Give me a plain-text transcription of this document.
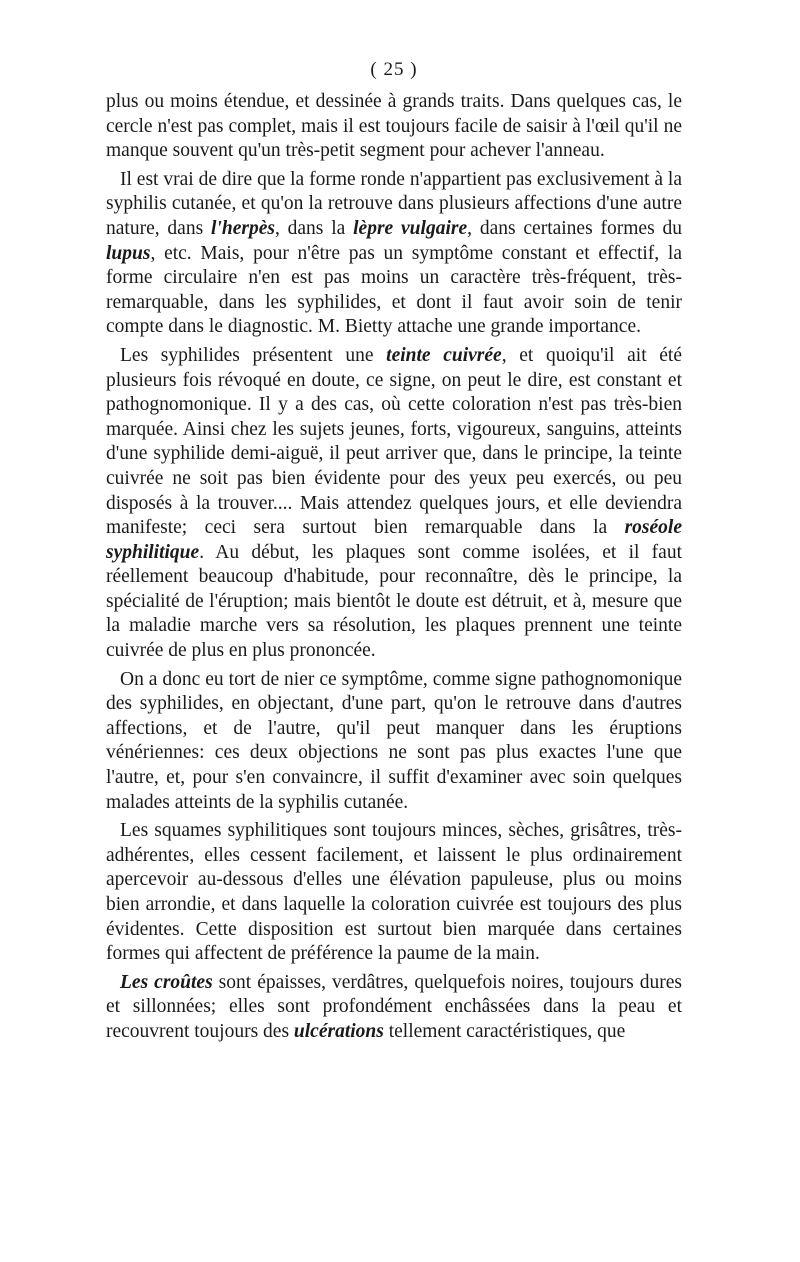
( 25 )

plus ou moins étendue, et dessinée à grands traits. Dans quelques cas, le cercle n'est pas complet, mais il est toujours facile de saisir à l'œil qu'il ne manque souvent qu'un très-petit segment pour achever l'anneau.

Il est vrai de dire que la forme ronde n'appartient pas exclusivement à la syphilis cutanée, et qu'on la retrouve dans plusieurs affections d'une autre nature, dans l'herpès, dans la lèpre vulgaire, dans certaines formes du lupus, etc. Mais, pour n'être pas un symptôme constant et effectif, la forme circulaire n'en est pas moins un caractère très-fréquent, très-remarquable, dans les syphilides, et dont il faut avoir soin de tenir compte dans le diagnostic. M. Bietty attache une grande importance.

Les syphilides présentent une teinte cuivrée, et quoiqu'il ait été plusieurs fois révoqué en doute, ce signe, on peut le dire, est constant et pathognomonique. Il y a des cas, où cette coloration n'est pas très-bien marquée. Ainsi chez les sujets jeunes, forts, vigoureux, sanguins, atteints d'une syphilide demi-aiguë, il peut arriver que, dans le principe, la teinte cuivrée ne soit pas bien évidente pour des yeux peu exercés, ou peu disposés à la trouver.... Mais attendez quelques jours, et elle deviendra manifeste; ceci sera surtout bien remarquable dans la roséole syphilitique. Au début, les plaques sont comme isolées, et il faut réellement beaucoup d'habitude, pour reconnaître, dès le principe, la spécialité de l'éruption; mais bientôt le doute est détruit, et à, mesure que la maladie marche vers sa résolution, les plaques prennent une teinte cuivrée de plus en plus prononcée.

On a donc eu tort de nier ce symptôme, comme signe pathognomonique des syphilides, en objectant, d'une part, qu'on le retrouve dans d'autres affections, et de l'autre, qu'il peut manquer dans les éruptions vénériennes: ces deux objections ne sont pas plus exactes l'une que l'autre, et, pour s'en convaincre, il suffit d'examiner avec soin quelques malades atteints de la syphilis cutanée.

Les squames syphilitiques sont toujours minces, sèches, grisâtres, très-adhérentes, elles cessent facilement, et laissent le plus ordinairement apercevoir au-dessous d'elles une élévation papuleuse, plus ou moins bien arrondie, et dans laquelle la coloration cuivrée est toujours des plus évidentes. Cette disposition est surtout bien marquée dans certaines formes qui affectent de préférence la paume de la main.

Les croûtes sont épaisses, verdâtres, quelquefois noires, toujours dures et sillonnées; elles sont profondément enchâssées dans la peau et recouvrent toujours des ulcérations tellement caractéristiques, que
